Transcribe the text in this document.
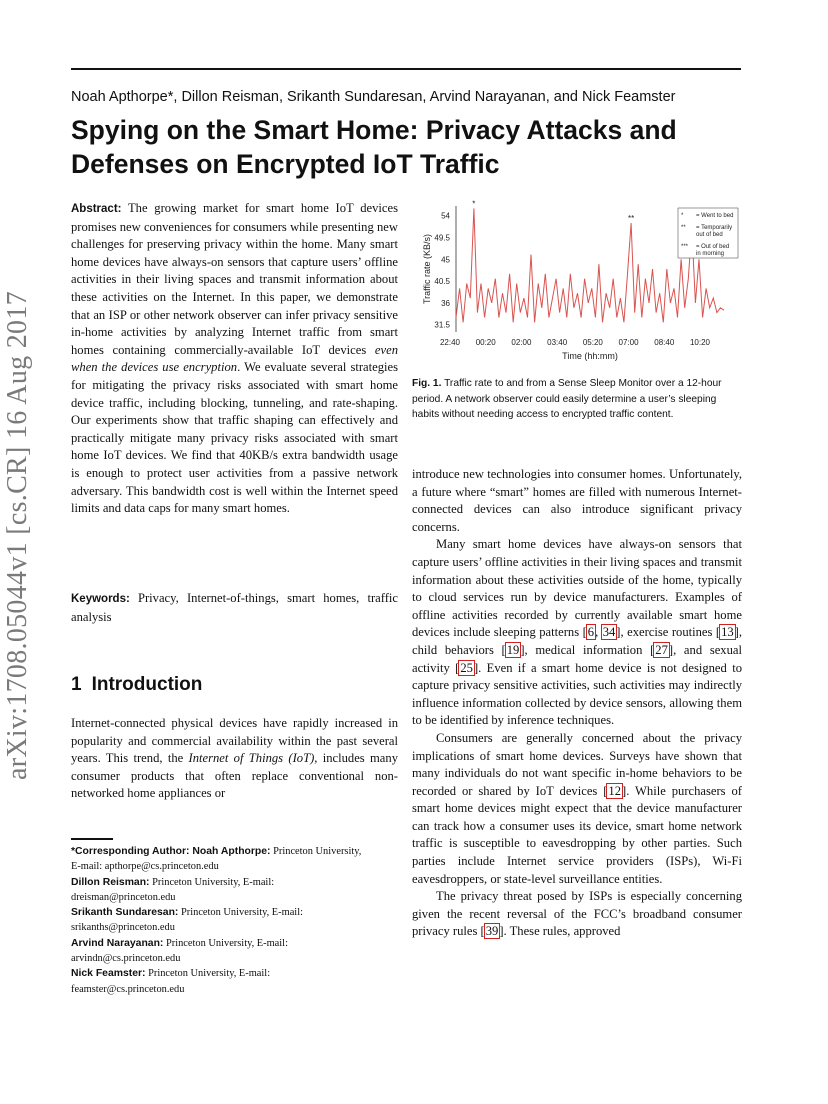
Noah Apthorpe*, Dillon Reisman, Srikanth Sundaresan, Arvind Narayanan, and Nick Feamster
Spying on the Smart Home: Privacy Attacks and Defenses on Encrypted IoT Traffic
arXiv:1708.05044v1 [cs.CR] 16 Aug 2017

Abstract: The growing market for smart home IoT devices promises new conveniences for consumers while presenting new challenges for preserving privacy within the home. Many smart home devices have always-on sensors that capture users’ offline activities in their living spaces and transmit information about these activities on the Internet. In this paper, we demonstrate that an ISP or other network observer can infer privacy sensitive in-home activities by analyzing Internet traffic from smart homes containing commercially-available IoT devices even when the devices use encryption. We evaluate several strategies for mitigating the privacy risks associated with smart home device traffic, including blocking, tunneling, and rate-shaping. Our experiments show that traffic shaping can effectively and practically mitigate many privacy risks associated with smart home IoT devices. We find that 40KB/s extra bandwidth usage is enough to protect user activities from a passive network adversary. This bandwidth cost is well within the Internet speed limits and data caps for many smart homes.

Keywords: Privacy, Internet-of-things, smart homes, traffic analysis

1 Introduction

Internet-connected physical devices have rapidly increased in popularity and commercial availability within the past several years. This trend, the Internet of Things (IoT), includes many consumer products that often replace conventional non-networked home appliances or

*Corresponding Author: Noah Apthorpe: Princeton University, E-mail: apthorpe@cs.princeton.edu

Dillon Reisman: Princeton University, E-mail: dreisman@princeton.edu

Srikanth Sundaresan: Princeton University, E-mail: srikanths@princeton.edu

Arvind Narayanan: Princeton University, E-mail: arvindn@cs.princeton.edu

Nick Feamster: Princeton University, E-mail: feamster@cs.princeton.edu

31.5
36
40.5
45
49.5
54
22:40 00:20 02:00 03:40 05:20 07:00 08:40 10:20
Time (hh:mm)
Traffic rate (KB/s)
*
**	* = Went to bed
** = Temporarily
out of bed
*** = Out of bed
in morning
Fig. 1. Traffic rate to and from a Sense Sleep Monitor over a 12-hour period. A network observer could easily determine a user’s sleeping habits without needing access to encrypted traffic content.

introduce new technologies into consumer homes. Unfortunately, a future where “smart” homes are filled with numerous Internet-connected devices can also introduce significant privacy concerns.

Many smart home devices have always-on sensors that capture users’ offline activities in their living spaces and transmit information about these activities outside of the home, typically to cloud services run by device manufacturers. Examples of offline activities recorded by currently available smart home devices include sleeping patterns [6, 34], exercise routines [13], child behaviors [19], medical information [27], and sexual activity [25]. Even if a smart home device is not designed to capture privacy sensitive activities, such activities may indirectly influence information collected by device sensors, allowing them to be identified by inference techniques.

Consumers are generally concerned about the privacy implications of smart home devices. Surveys have shown that many individuals do not want specific in-home behaviors to be recorded or shared by IoT devices [12]. While purchasers of smart home devices might expect that the device manufacturer can track how a consumer uses its device, smart home network traffic is susceptible to eavesdropping by other parties. Such parties include Internet service providers (ISPs), Wi-Fi eavesdroppers, or state-level surveillance entities.

The privacy threat posed by ISPs is especially concerning given the recent reversal of the FCC’s broadband consumer privacy rules [39]. These rules, approved
